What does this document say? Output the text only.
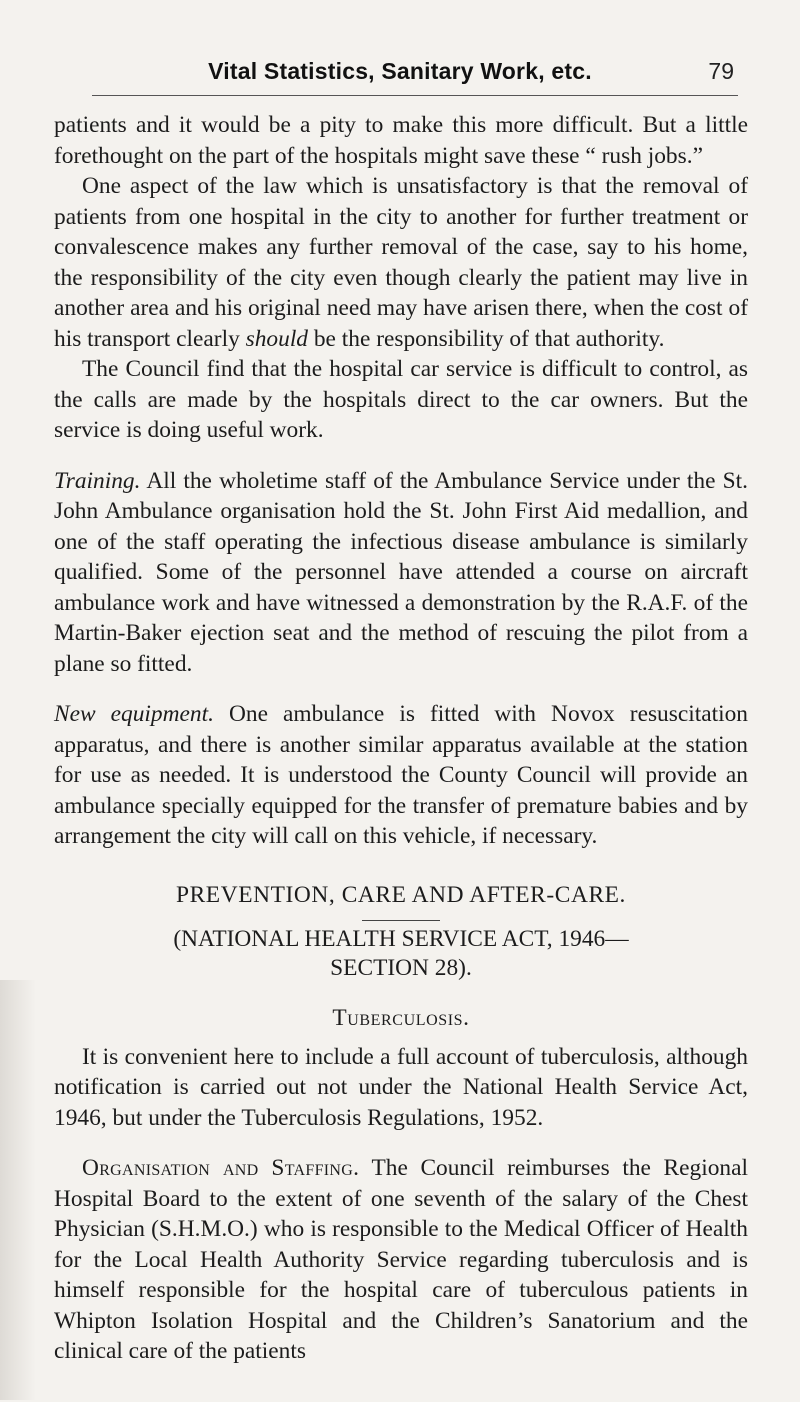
Vital Statistics, Sanitary Work, etc.	79

patients and it would be a pity to make this more difficult. But a little forethought on the part of the hospitals might save these “ rush jobs.”

One aspect of the law which is unsatisfactory is that the removal of patients from one hospital in the city to another for further treatment or convalescence makes any further removal of the case, say to his home, the responsibility of the city even though clearly the patient may live in another area and his original need may have arisen there, when the cost of his transport clearly should be the responsibility of that authority.

The Council find that the hospital car service is difficult to control, as the calls are made by the hospitals direct to the car owners. But the service is doing useful work.

Training. All the wholetime staff of the Ambulance Service under the St. John Ambulance organisation hold the St. John First Aid medallion, and one of the staff operating the infectious disease ambulance is similarly qualified. Some of the personnel have attended a course on aircraft ambulance work and have witnessed a demonstration by the R.A.F. of the Martin-Baker ejection seat and the method of rescuing the pilot from a plane so fitted.

New equipment. One ambulance is fitted with Novox resuscitation apparatus, and there is another similar apparatus available at the station for use as needed. It is understood the County Council will provide an ambulance specially equipped for the transfer of premature babies and by arrangement the city will call on this vehicle, if necessary.

PREVENTION, CARE AND AFTER-CARE.

(NATIONAL HEALTH SERVICE ACT, 1946—

SECTION 28).

Tuberculosis.

It is convenient here to include a full account of tuberculosis, although notification is carried out not under the National Health Service Act, 1946, but under the Tuberculosis Regulations, 1952.

Organisation and Staffing. The Council reimburses the Regional Hospital Board to the extent of one seventh of the salary of the Chest Physician (S.H.M.O.) who is responsible to the Medical Officer of Health for the Local Health Authority Service regarding tuberculosis and is himself responsible for the hospital care of tuberculous patients in Whipton Isolation Hospital and the Children’s Sanatorium and the clinical care of the patients
